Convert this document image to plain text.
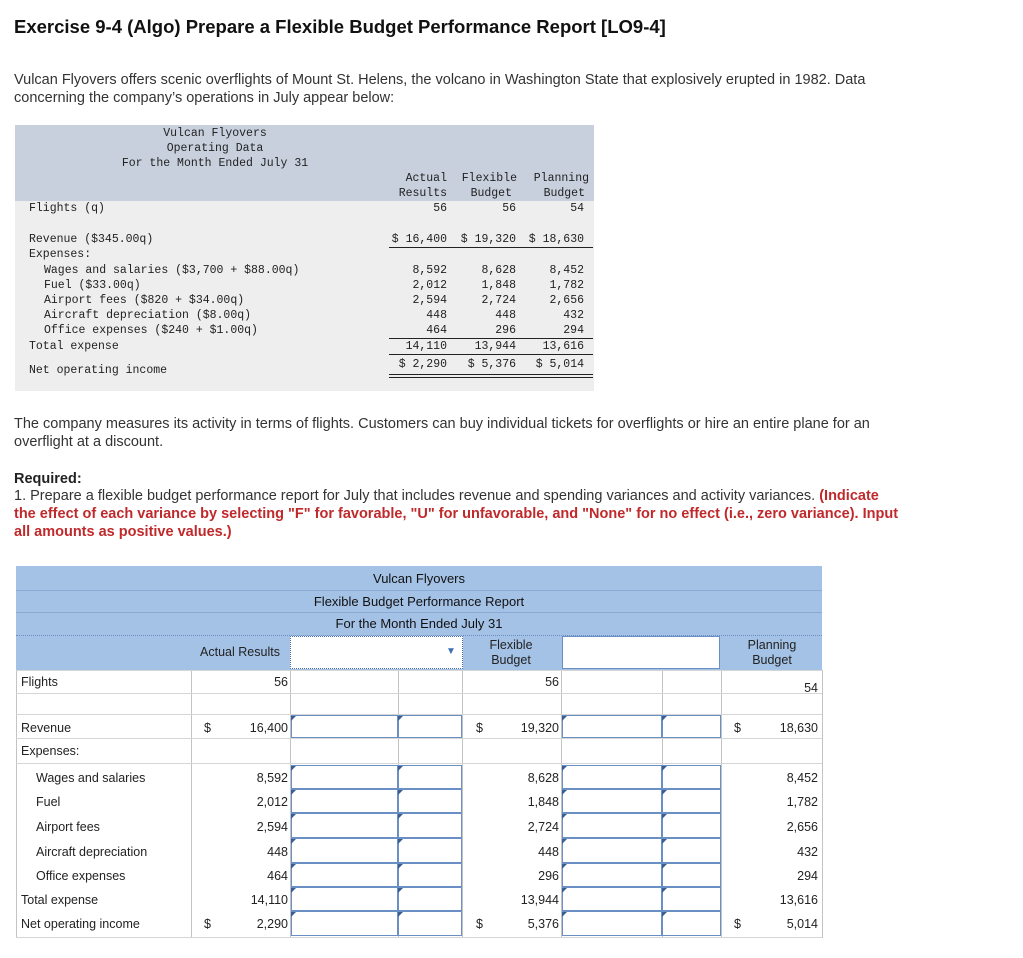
Exercise 9-4 (Algo) Prepare a Flexible Budget Performance Report [LO9-4]
Vulcan Flyovers offers scenic overflights of Mount St. Helens, the volcano in Washington State that explosively erupted in 1982. Data
concerning the company’s operations in July appear below:
Vulcan Flyovers
Operating Data
For the Month Ended July 31
Actual
Results
Flexible
Budget
Planning
Budget
Flights (q)	56	56	54
Revenue ($345.00q)	$ 16,400	$ 19,320	$ 18,630
Expenses:
Wages and salaries ($3,700 + $88.00q)	8,592	8,628	8,452
Fuel ($33.00q)	2,012	1,848	1,782
Airport fees ($820 + $34.00q)	2,594	2,724	2,656
Aircraft depreciation ($8.00q)	448	448	432
Office expenses ($240 + $1.00q)	464	296	294
Total expense	14,110	13,944	13,616
Net operating income	$ 2,290	$ 5,376	$ 5,014
The company measures its activity in terms of flights. Customers can buy individual tickets for overflights or hire an entire plane for an
overflight at a discount.
Required:
1. Prepare a flexible budget performance report for July that includes revenue and spending variances and activity variances. (Indicate
the effect of each variance by selecting "F" for favorable, "U" for unfavorable, and "None" for no effect (i.e., zero variance). Input
all amounts as positive values.)
Vulcan Flyovers
Flexible Budget Performance Report
For the Month Ended July 31
Actual Results	▼	Flexible
Budget
Planning
Budget
Flights	56	56	54
Revenue	$	16,400	$	19,320	$	18,630
Expenses:
Wages and salaries	8,592	8,628	8,452
Fuel	2,012	1,848	1,782
Airport fees	2,594	2,724	2,656
Aircraft depreciation	448	448	432
Office expenses	464	296	294
Total expense	14,110	13,944	13,616
Net operating income	$	2,290	$	5,376	$	5,014
